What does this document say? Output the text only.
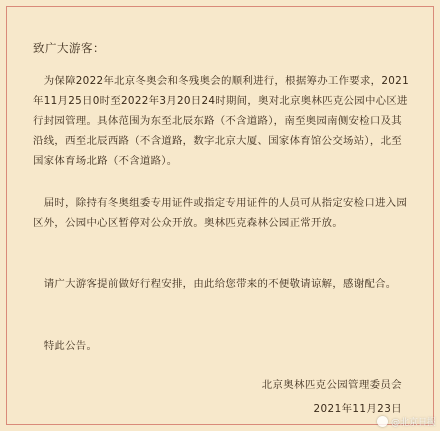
致广大游客：

　为保障2022年北京冬奥会和冬残奥会的顺利进行，根据筹办工作要求，2021年11月25日0时至2022年3月20日24时期间，奥对北京奥林匹克公园中心区进行封园管理。具体范围为东至北辰东路（不含道路），南至奥园南侧安检口及其沿线，西至北辰西路（不含道路，数字北京大厦、国家体育馆公交场站），北至国家体育场北路（不含道路）。

　届时，除持有冬奥组委专用证件或指定专用证件的人员可从指定安检口进入园区外，公园中心区暂停对公众开放。奥林匹克森林公园正常开放。

　请广大游客提前做好行程安排，由此给您带来的不便敬请谅解，感谢配合。

　特此公告。

北京奥林匹克公园管理委员会
2021年11月23日
@北京日报
